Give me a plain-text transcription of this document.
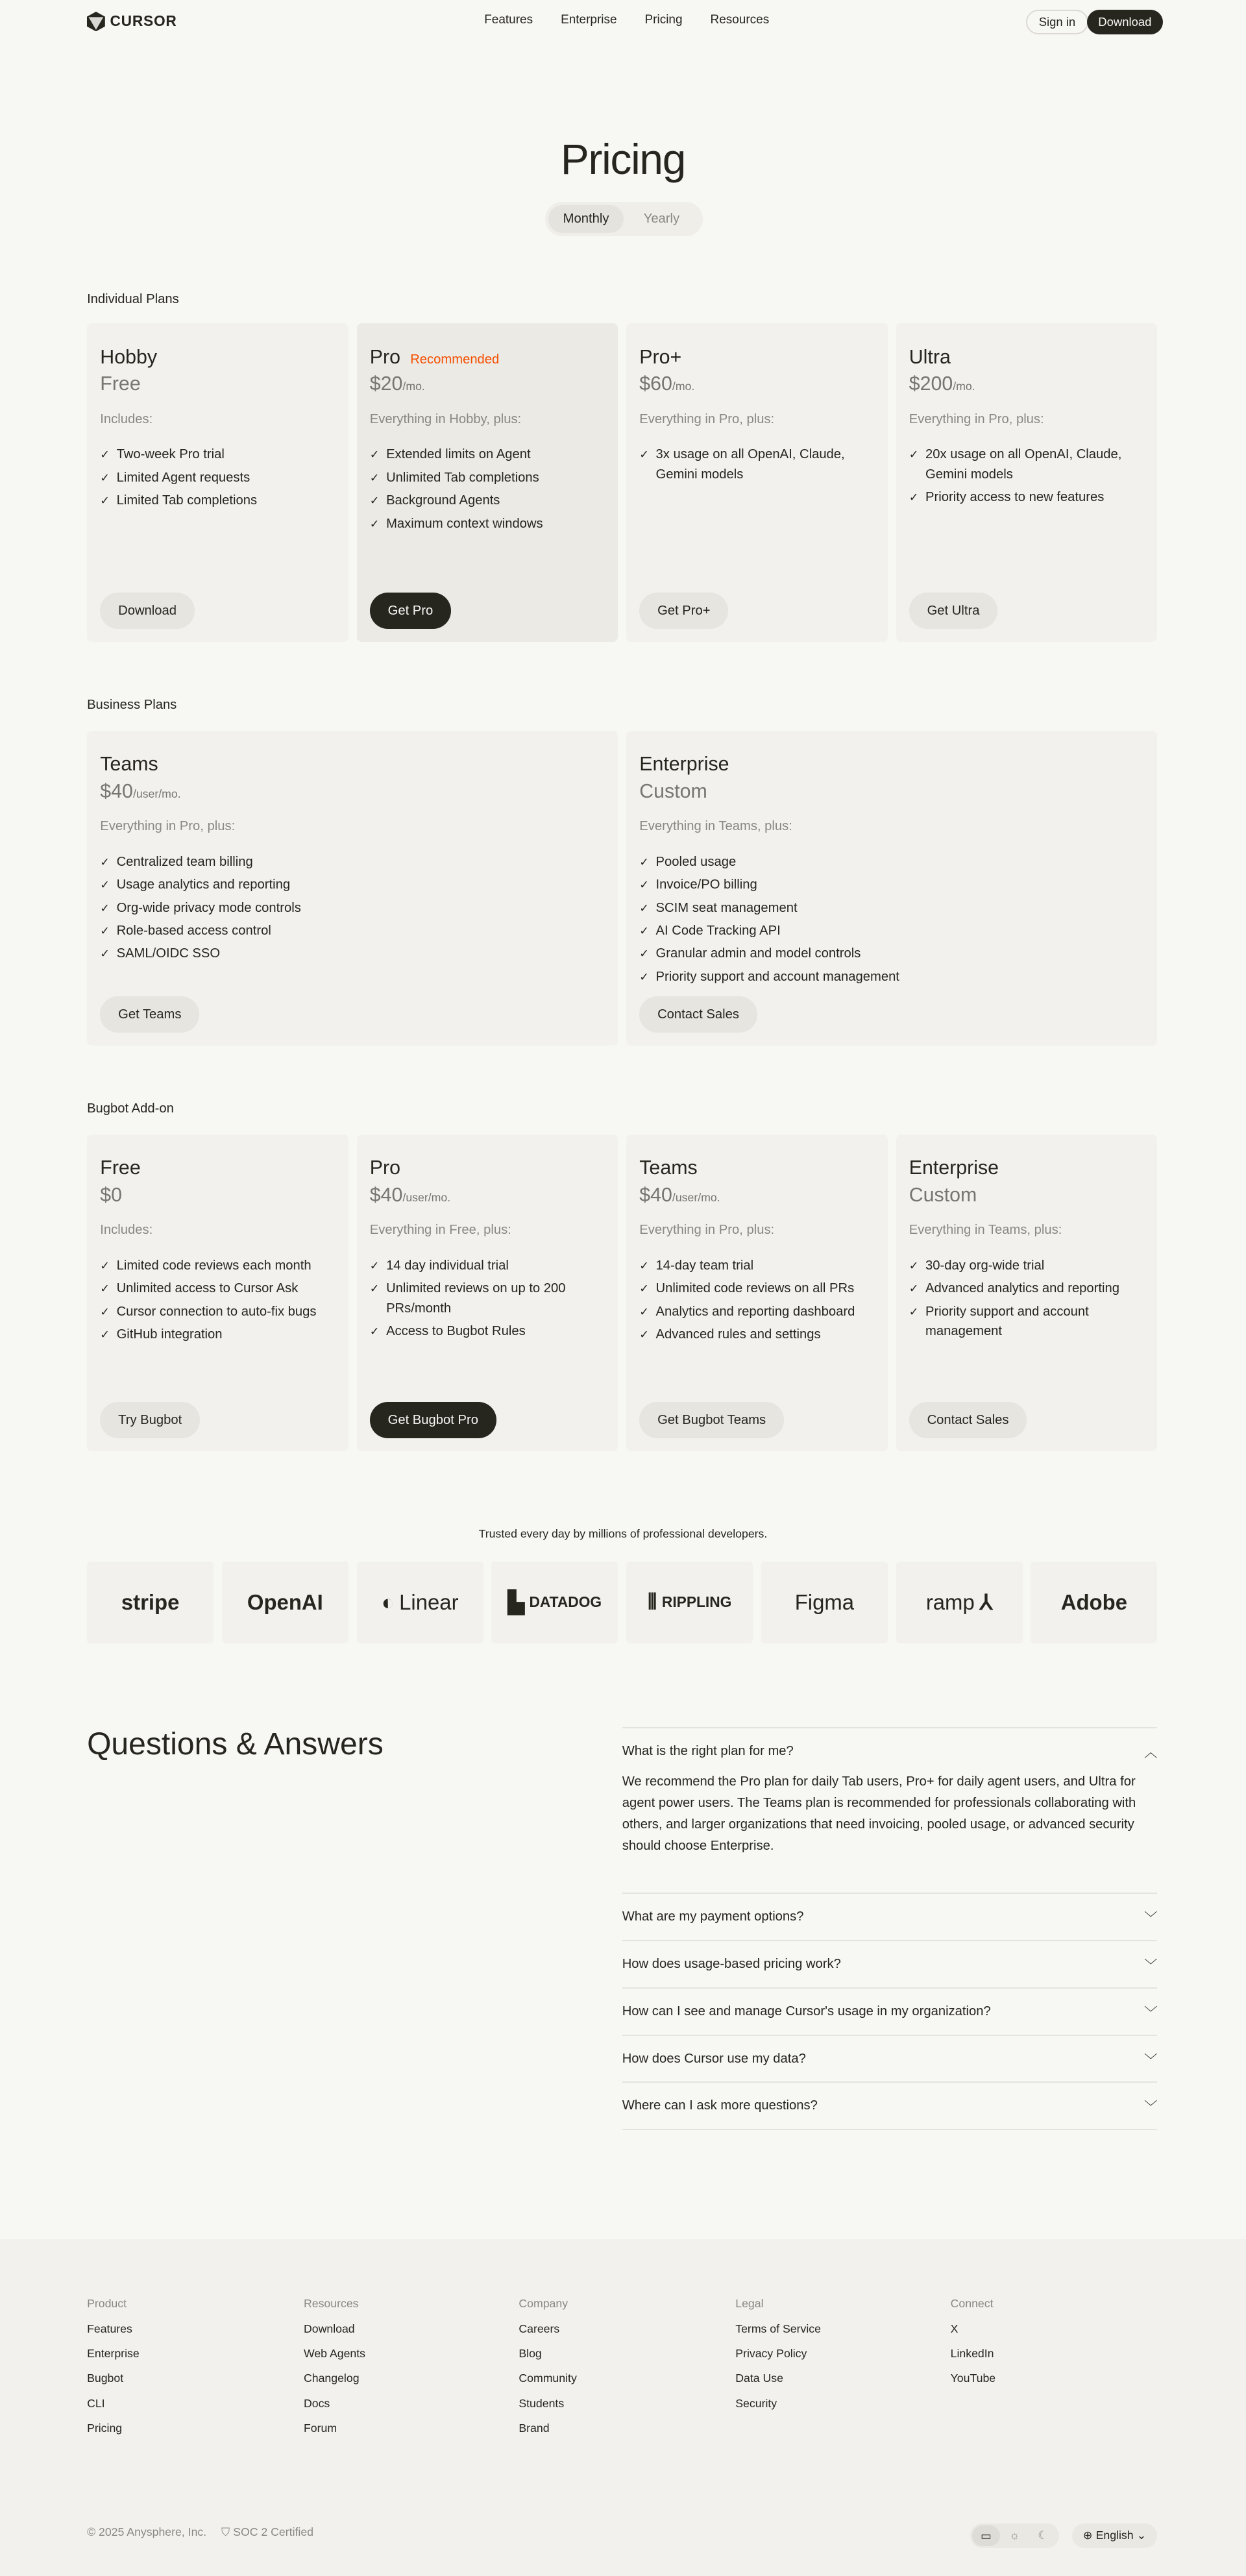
CURSOR	Features	Enterprise	Pricing	Resources	Sign in	Download
Pricing
Monthly	Yearly
Individual Plans
Hobby
Free
Includes:
✓ Two-week Pro trial
✓ Limited Agent requests
✓ Limited Tab completions
Download
Pro Recommended
$20/mo.
Everything in Hobby, plus:
✓ Extended limits on Agent
✓ Unlimited Tab completions
✓ Background Agents
✓ Maximum context windows
Get Pro
Pro+
$60/mo.
Everything in Pro, plus:
✓ 3x usage on all OpenAI, Claude, Gemini models
Get Pro+
Ultra
$200/mo.
Everything in Pro, plus:
✓ 20x usage on all OpenAI, Claude, Gemini models
✓ Priority access to new features
Get Ultra
Business Plans
Teams
$40/user/mo.
Everything in Pro, plus:
✓ Centralized team billing
✓ Usage analytics and reporting
✓ Org-wide privacy mode controls
✓ Role-based access control
✓ SAML/OIDC SSO
Get Teams
Enterprise
Custom
Everything in Teams, plus:
✓ Pooled usage
✓ Invoice/PO billing
✓ SCIM seat management
✓ AI Code Tracking API
✓ Granular admin and model controls
✓ Priority support and account management
Contact Sales
Bugbot Add-on
Free
$0
Includes:
✓ Limited code reviews each month
✓ Unlimited access to Cursor Ask
✓ Cursor connection to auto-fix bugs
✓ GitHub integration
Try Bugbot
Pro
$40/user/mo.
Everything in Free, plus:
✓ 14 day individual trial
✓ Unlimited reviews on up to 200 PRs/month
✓ Access to Bugbot Rules
Get Bugbot Pro
Teams
$40/user/mo.
Everything in Pro, plus:
✓ 14-day team trial
✓ Unlimited code reviews on all PRs
✓ Analytics and reporting dashboard
✓ Advanced rules and settings
Get Bugbot Teams
Enterprise
Custom
Everything in Teams, plus:
✓ 30-day org-wide trial
✓ Advanced analytics and reporting
✓ Priority support and account management
Contact Sales
Trusted every day by millions of professional developers.
stripe	OpenAI	◐ Linear	▙ DATADOG	⦀ RIPPLING	Figma	ramp ⅄	Adobe
Questions & Answers	What is the right plan for me?	︿
We recommend the Pro plan for daily Tab users, Pro+ for daily agent users, and Ultra for agent power users. The Teams plan is recommended for professionals collaborating with others, and larger organizations that need invoicing, pooled usage, or advanced security should choose Enterprise.
What are my payment options?	﹀
How does usage-based pricing work?	﹀
How can I see and manage Cursor's usage in my organization?	﹀
How does Cursor use my data?	﹀
Where can I ask more questions?	﹀
© 2025 Anysphere, Inc.	⛉ SOC 2 Certified	▭	☼	☾	⊕ English ⌄
Product
Features
Enterprise
Bugbot
CLI
Pricing
Resources
Download
Web Agents
Changelog
Docs
Forum
Company
Careers
Blog
Community
Students
Brand
Legal
Terms of Service
Privacy Policy
Data Use
Security
Connect
X
LinkedIn
YouTube
